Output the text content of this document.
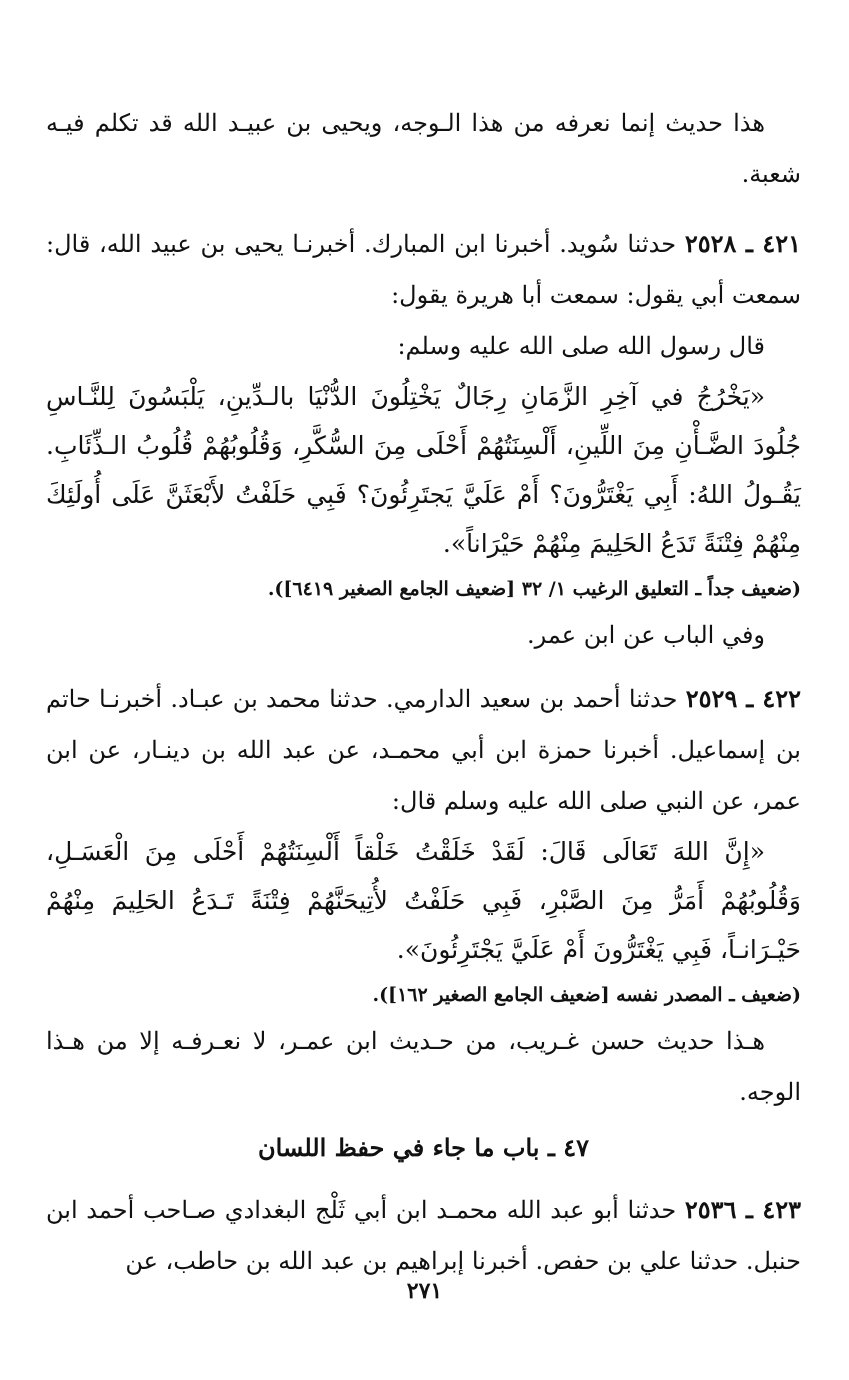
هذا حديث إنما نعرفه من هذا الـوجه، ويحيى بن عبيـد الله قد تكلم فيـه شعبة.

٤٢١ ـ ٢٥٢٨ حدثنا سُويد. أخبرنا ابن المبارك. أخبرنـا يحيى بن عبيد الله، قال: سمعت أبي يقول: سمعت أبا هريرة يقول:

قال رسول الله صلى الله عليه وسلم:

«يَخْرُجُ في آخِرِ الزَّمَانِ رِجَالٌ يَخْتِلُونَ الدُّنْيَا بالـدِّينِ، يَلْبَسُونَ لِلنَّـاسِ جُلُودَ الضَّـأْنِ مِنَ اللِّينِ، أَلْسِنَتُهُمْ أَحْلَى مِنَ السُّكَّرِ، وَقُلُوبُهُمْ قُلُوبُ الـذِّئَابِ. يَقُـولُ اللهُ: أَبِي يَغْتَرُّونَ؟ أَمْ عَلَيَّ يَجتَرِئُونَ؟ فَبِي حَلَفْتُ لأَبْعَثَنَّ عَلَى أُولَئِكَ مِنْهُمْ فِتْنَةً تَدَعُ الحَلِيمَ مِنْهُمْ حَيْرَاناً».

(ضعيف جداً ـ التعليق الرغيب ١/ ٣٢ [ضعيف الجامع الصغير ٦٤١٩]).

وفي الباب عن ابن عمر.

٤٢٢ ـ ٢٥٢٩ حدثنا أحمد بن سعيد الدارمي. حدثنا محمد بن عبـاد. أخبرنـا حاتم بن إسماعيل. أخبرنا حمزة ابن أبي محمـد، عن عبد الله بن دينـار، عن ابن عمر، عن النبي صلى الله عليه وسلم قال:

«إِنَّ اللهَ تَعَالَى قَالَ: لَقَدْ خَلَقْتُ خَلْقاً أَلْسِنَتُهُمْ أَحْلَى مِنَ الْعَسَـلِ، وَقُلُوبُهُمْ أَمَرُّ مِنَ الصَّبْرِ، فَبِي حَلَفْتُ لأُتِيحَنَّهُمْ فِتْنَةً تَـدَعُ الحَلِيمَ مِنْهُمْ حَيْـرَانـاً، فَبِي يَغْتَرُّونَ أَمْ عَلَيَّ يَجْتَرِئُونَ».

(ضعيف ـ المصدر نفسه [ضعيف الجامع الصغير ١٦٢]).

هـذا حديث حسن غـريب، من حـديث ابن عمـر، لا نعـرفـه إلا من هـذا الوجه.

٤٧ ـ باب ما جاء في حفظ اللسان

٤٢٣ ـ ٢٥٣٦ حدثنا أبو عبد الله محمـد ابن أبي ثَلْج البغدادي صـاحب أحمد ابن حنبل. حدثنا علي بن حفص. أخبرنا إبراهيم بن عبد الله بن حاطب، عن

٢٧١
